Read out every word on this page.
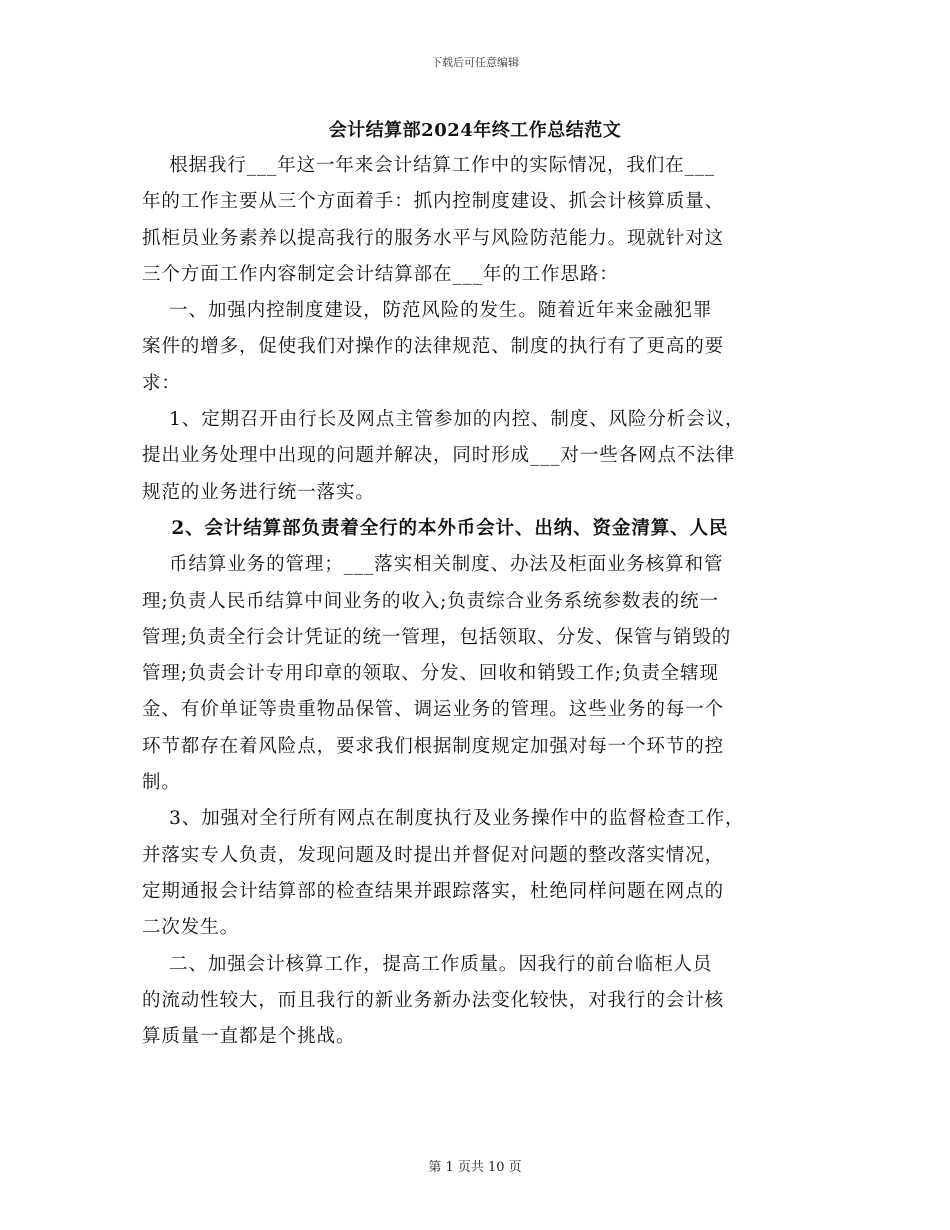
下载后可任意编辑
会计结算部2024年终工作总结范文
根据我行___年这一年来会计结算工作中的实际情况，我们在___
年的工作主要从三个方面着手：抓内控制度建设、抓会计核算质量、
抓柜员业务素养以提高我行的服务水平与风险防范能力。现就针对这
三个方面工作内容制定会计结算部在___年的工作思路：
一、加强内控制度建设，防范风险的发生。随着近年来金融犯罪
案件的增多，促使我们对操作的法律规范、制度的执行有了更高的要
求：
1、定期召开由行长及网点主管参加的内控、制度、风险分析会议，
提出业务处理中出现的问题并解决，同时形成___对一些各网点不法律
规范的业务进行统一落实。
2、会计结算部负责着全行的本外币会计、出纳、资金清算、人民
币结算业务的管理；___落实相关制度、办法及柜面业务核算和管
理;负责人民币结算中间业务的收入;负责综合业务系统参数表的统一
管理;负责全行会计凭证的统一管理，包括领取、分发、保管与销毁的
管理;负责会计专用印章的领取、分发、回收和销毁工作;负责全辖现
金、有价单证等贵重物品保管、调运业务的管理。这些业务的每一个
环节都存在着风险点，要求我们根据制度规定加强对每一个环节的控
制。
3、加强对全行所有网点在制度执行及业务操作中的监督检查工作，
并落实专人负责，发现问题及时提出并督促对问题的整改落实情况，
定期通报会计结算部的检查结果并跟踪落实，杜绝同样问题在网点的
二次发生。
二、加强会计核算工作，提高工作质量。因我行的前台临柜人员
的流动性较大，而且我行的新业务新办法变化较快，对我行的会计核
算质量一直都是个挑战。
第 1 页共 10 页
